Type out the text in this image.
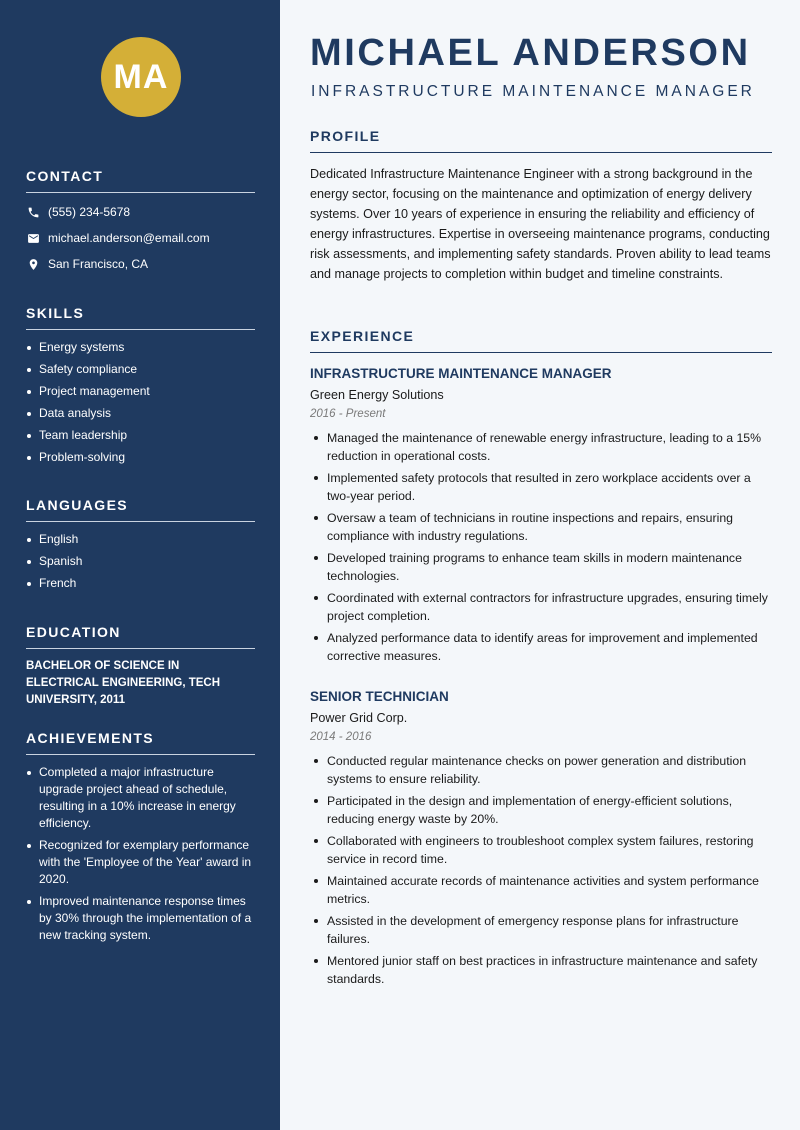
MA
CONTACT
(555) 234-5678
michael.anderson@email.com
San Francisco, CA
SKILLS
Energy systems
Safety compliance
Project management
Data analysis
Team leadership
Problem-solving
LANGUAGES
English
Spanish
French
EDUCATION
BACHELOR OF SCIENCE IN ELECTRICAL ENGINEERING, TECH UNIVERSITY, 2011
ACHIEVEMENTS
Completed a major infrastructure upgrade project ahead of schedule, resulting in a 10% increase in energy efficiency.
Recognized for exemplary performance with the 'Employee of the Year' award in 2020.
Improved maintenance response times by 30% through the implementation of a new tracking system.
MICHAEL ANDERSON
INFRASTRUCTURE MAINTENANCE MANAGER
PROFILE
Dedicated Infrastructure Maintenance Engineer with a strong background in the energy sector, focusing on the maintenance and optimization of energy delivery systems. Over 10 years of experience in ensuring the reliability and efficiency of energy infrastructures. Expertise in overseeing maintenance programs, conducting risk assessments, and implementing safety standards. Proven ability to lead teams and manage projects to completion within budget and timeline constraints.
EXPERIENCE
INFRASTRUCTURE MAINTENANCE MANAGER
Green Energy Solutions
2016 - Present
Managed the maintenance of renewable energy infrastructure, leading to a 15% reduction in operational costs.
Implemented safety protocols that resulted in zero workplace accidents over a two-year period.
Oversaw a team of technicians in routine inspections and repairs, ensuring compliance with industry regulations.
Developed training programs to enhance team skills in modern maintenance technologies.
Coordinated with external contractors for infrastructure upgrades, ensuring timely project completion.
Analyzed performance data to identify areas for improvement and implemented corrective measures.
SENIOR TECHNICIAN
Power Grid Corp.
2014 - 2016
Conducted regular maintenance checks on power generation and distribution systems to ensure reliability.
Participated in the design and implementation of energy-efficient solutions, reducing energy waste by 20%.
Collaborated with engineers to troubleshoot complex system failures, restoring service in record time.
Maintained accurate records of maintenance activities and system performance metrics.
Assisted in the development of emergency response plans for infrastructure failures.
Mentored junior staff on best practices in infrastructure maintenance and safety standards.
